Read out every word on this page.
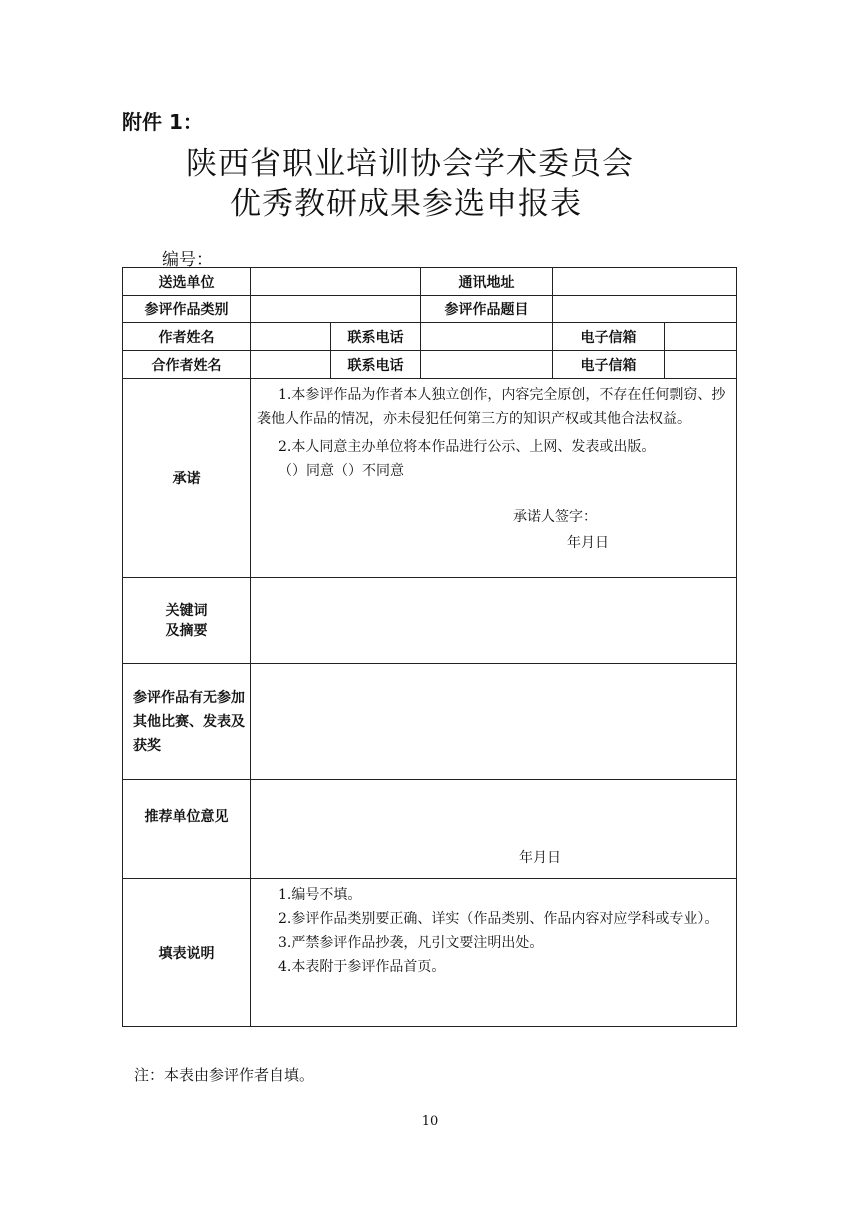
附件 1：
陕西省职业培训协会学术委员会
优秀教研成果参选申报表
编号：
送选单位			通讯地址		
参评作品类别			参评作品题目		
作者姓名		联系电话		电子信箱	
合作者姓名		联系电话		电子信箱	
承诺	1.本参评作品为作者本人独立创作，内容完全原创，不存在任何剽窃、抄袭他人作品的情况，亦未侵犯任何第三方的知识产权或其他合法权益。

2.本人同意主办单位将本作品进行公示、上网、发表或出版。

（）同意（）不同意

承诺人签字：
年月日				

关键词
及摘要					

参评作品有无参加其他比赛、发表及获奖					
推荐单位意见	年月日				

填表说明	1.编号不填。

2.参评作品类别要正确、详实（作品类别、作品内容对应学科或专业）。

3.严禁参评作品抄袭，凡引文要注明出处。

4.本表附于参评作品首页。				

注：本表由参评作者自填。
10
